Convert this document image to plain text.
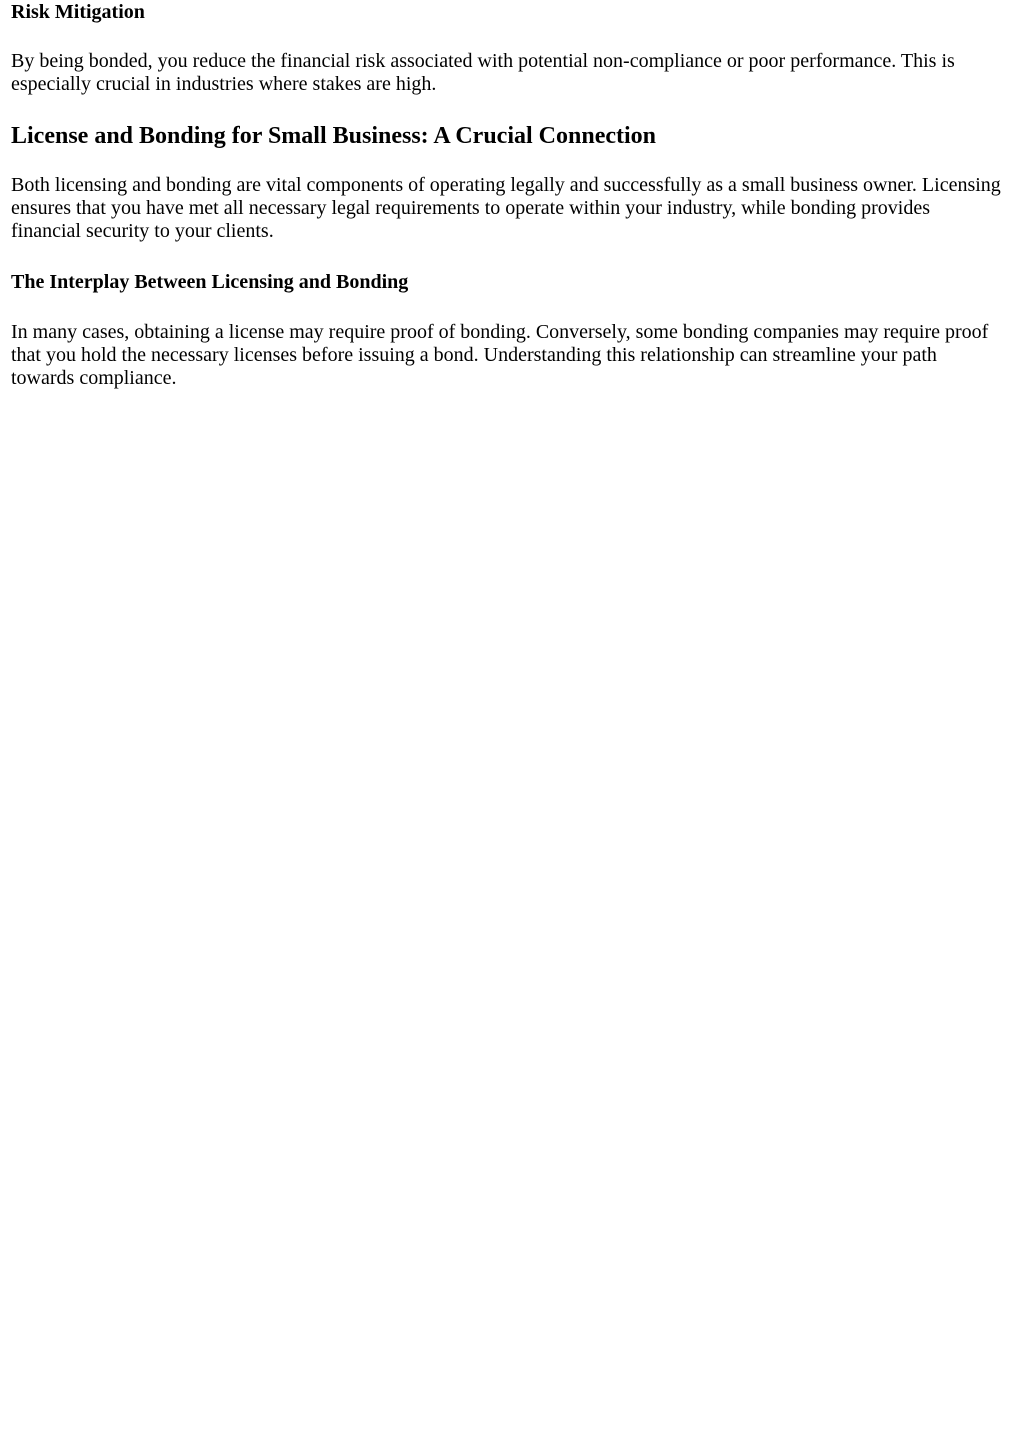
Risk Mitigation

By being bonded, you reduce the financial risk associated with potential non-compliance or poor performance. This is especially crucial in industries where stakes are high.

License and Bonding for Small Business: A Crucial Connection

Both licensing and bonding are vital components of operating legally and successfully as a small business owner. Licensing ensures that you have met all necessary legal requirements to operate within your industry, while bonding provides financial security to your clients.

The Interplay Between Licensing and Bonding

In many cases, obtaining a license may require proof of bonding. Conversely, some bonding companies may require proof that you hold the necessary licenses before issuing a bond. Understanding this relationship can streamline your path towards compliance.
